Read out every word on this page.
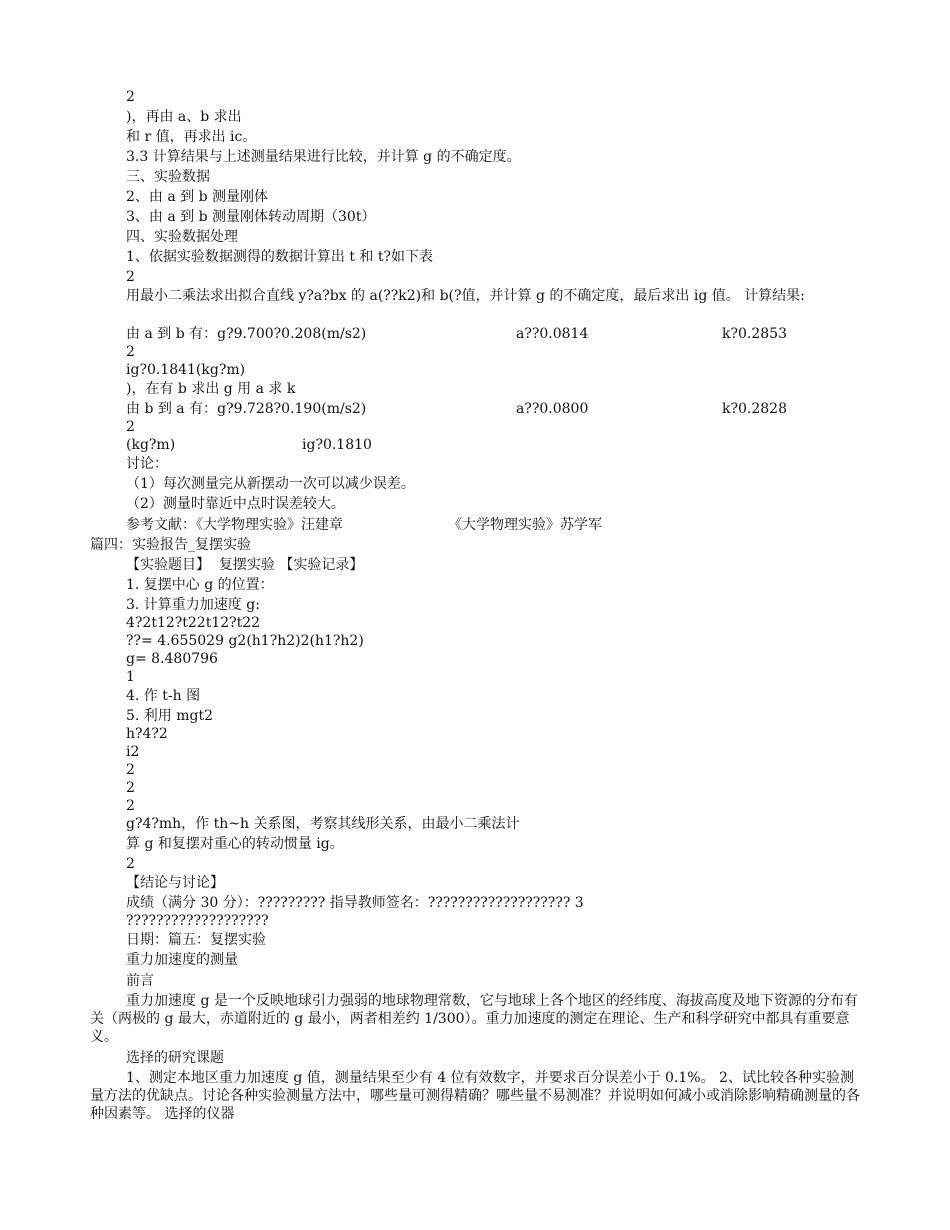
2
)，再由 a、b 求出
和 r 值，再求出 ic。
3.3 计算结果与上述测量结果进行比较，并计算 g 的不确定度。
三、实验数据
2、由 a 到 b 测量刚体
3、由 a 到 b 测量刚体转动周期（30t）
四、实验数据处理
1、依据实验数据测得的数据计算出 t 和 t?如下表
2
用最小二乘法求出拟合直线 y?a?bx 的 a(??k2)和 b(?值，并计算 g 的不确定度，最后求出 ig 值。 计算结果:
由 a 到 b 有：g?9.700?0.208(m/s2)	a??0.0814	k?0.2853
2
ig?0.1841(kg?m)
)，在有 b 求出 g 用 a 求 k
由 b 到 a 有：g?9.728?0.190(m/s2)	a??0.0800	k?0.2828
2
(kg?m)	ig?0.1810
讨论：
（1）每次测量完从新摆动一次可以减少误差。
（2）测量时靠近中点时误差较大。
参考文献：《大学物理实验》汪建章	《大学物理实验》苏学军
篇四：实验报告_复摆实验
【实验题目】  复摆实验 【实验记录】
1. 复摆中心 g 的位置：
3. 计算重力加速度 g:
4?2t12?t22t12?t22
??= 4.655029 g2(h1?h2)2(h1?h2)
g= 8.480796
1
4. 作 t-h 图
5. 利用 mgt2
h?4?2
i2
2
2
2
g?4?mh，作 th~h 关系图，考察其线形关系，由最小二乘法计
算 g 和复摆对重心的转动惯量 ig。
2
【结论与讨论】
成绩（满分 30 分）：????????? 指导教师签名：??????????????????? 3
???????????????????
日期：篇五：复摆实验
重力加速度的测量
前言
重力加速度 g 是一个反映地球引力强弱的地球物理常数，它与地球上各个地区的经纬度、海拔高度及地下资源的分布有关（两极的 g 最大，赤道附近的 g 最小，两者相差约 1/300）。重力加速度的测定在理论、生产和科学研究中都具有重要意义。
选择的研究课题
1、测定本地区重力加速度 g 值，测量结果至少有 4 位有效数字，并要求百分误差小于 0.1%。 2、试比较各种实验测量方法的优缺点。讨论各种实验测量方法中，哪些量可测得精确？哪些量不易测准？并说明如何减小或消除影响精确测量的各种因素等。 选择的仪器
